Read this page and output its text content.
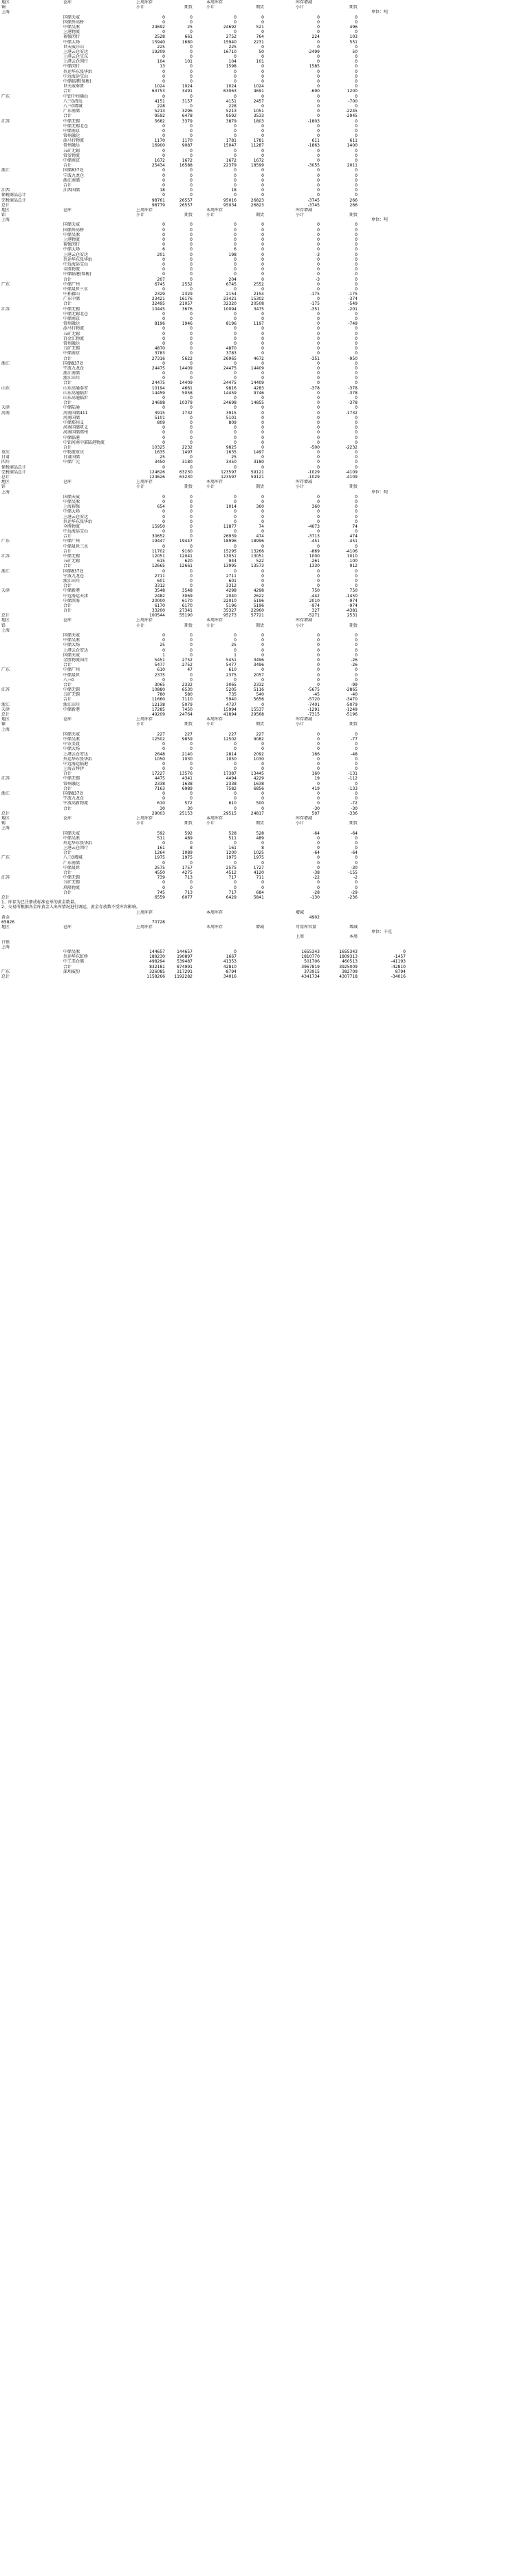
地区	仓库	上周库存	本周库存	库存增减
铜	小计	期货	小计	期货	小计	期货
上海	单位：吨
国储天威	0	0	0	0	0	0
国储外高桥	0	0	0	0	0	0
中储吴淞	24692	25	24692	521	0	496
上港物流	0	0	0	0	0	0
裕强闵行	2528	661	2752	764	224	103
中储大场	15940	1680	15940	2231	0	551
世天威洋山	225	0	225	0	0	0
上港云仓安达	19209	0	16710	50	-2499	50
上港云仓宝东	0	0	0	0	0	0
上港云仓闵行	104	101	104	101	0	0
中储闵行	13	0	1598	0	1585	0
外运华东张华浜	0	0	0	0	0	0
中远海运宝山	0	0	0	0	0	0
中储临港(保税)	0	0	0	0	0	0
世天威奉贤	1024	1024	1024	1024	0	0
合计	63753	3491	63063	4691	-690	1200
广东	中铝中州佛山	0	0	0	0	0	0
八三0清远	4151	3157	4151	2457	0	-700
八三0增城	228	0	228	0	0	0
广东南储	5213	3296	5213	1051	0	-2245
合计	9592	6478	9592	3533	0	-2945
江苏	中储无锡	5682	3379	3879	1803	-1803	0
中储无锡北仓	0	0	0	0	0	0
中储南京	0	0	0	0	0	0
常州融达	0	0	0	0	0	0
添马行物流	1170	1170	1781	1781	611	611
常州融达	16900	9087	15047	11287	-1863	1400
五矿无锡	0	0	0	0	0	0
常发物流	0	0	0	0	0	0
中储南京	1672	1672	1672	1672	0	0
合计	25434	16588	22379	18599	-3055	2011
浙江	国储837处	0	0	0	0	0	0
宁波九龙仓	0	0	0	0	0	0
浙江南储	0	0	0	0	0	0
合计	0	0	0	0	0	0
江西	江西国储	18	0	18	0	0	0
保税商品总计	0	0	0	0	0	0
完税商品总计	98761	26557	95016	26823	-3745	266
总计	98779	26557	95034	26823	-3745	266
地区	仓库	上周库存	本周库存	库存增减
铝	小计	期货	小计	期货	小计	期货
上海	单位：吨
国储天威	0	0	0	0	0	0
国储外高桥	0	0	0	0	0	0
中储吴淞	0	0	0	0	0	0
上港物流	0	0	0	0	0	0
裕强闵行	0	0	0	0	0	0
中储大场	6	0	6	0	0	0
上港云仓安达	201	0	198	0	-3	0
外运华东张华浜	0	0	0	0	0	0
中远海运宝山	0	0	0	0	0	0
全胜物流	0	0	0	0	0	0
中储临港(保税)	0	0	0	0	0	0
合计	207	0	204	0	-3	0
广东	中储广州	6745	2552	6745	2552	0	0
中储晟世三水	0	0	0	0	0	0
中拓佛山	2329	2329	2154	2154	-175	-175
广东中储	23421	16176	23421	15302	0	-374
合计	32495	21057	32320	20508	-175	-549
江苏	中储无锡	10445	3676	10094	3475	-351	-201
中储无锡北仓	0	0	0	0	0	0
中储南京	0	0	0	0	0	0
常州融达	8196	1946	8196	1197	0	-749
添马行物流	0	0	0	0	0	0
五矿无锡	0	0	0	0	0	0
百金汇物流	0	0	0	0	0	0
常州融达	0	0	0	0	0	0
五矿无锡	4870	0	4870	0	0	0
中储南京	3783	0	3783	0	0	0
合计	27316	5622	26965	4672	-351	-950
浙江	国储837处	0	0	0	0	0	0
宁波九龙仓	24475	14409	24475	14409	0	0
浙江南储	0	0	0	0	0	0
浙江田川	0	0	0	0	0	0
合计	24475	14409	24475	14409	0	0
山东	山东高通泰安	10194	4661	9816	4283	-378	-378
山东高通临沂	14459	5058	14459	9746	0	-378
山东高通临沂	0	0	0	0	0	0
合计	24698	10379	24698	14855	0	-378
天津	中储陆通	0	0	0	0	0	0
河南	河南国储411	3915	1732	3915	0	0	-1732
河南国储	5101	0	5101	0	0	0
中储郑州义	809	0	809	0	0	0
河南国储巩义	0	0	0	0	0	0
河南国储郑州	0	0	0	0	0	0
中储临港	0	0	0	0	0	0
中铝河南中部陆港物流	0	0	0	0	0	0
合计	10325	2232	9825	0	-500	-2232
重庆	中物流重庆	1635	1497	1635	1497	0	0
甘肃	甘肃国储	25	0	25	0	0	0
四川	中储广元	3450	3180	3450	3180	0	0
保税商品总计	0	0	0	0	0	0
完税商品总计	124626	63230	123597	59121	-1029	-4109
总计	124626	63230	123597	59121	-1029	-4109
地区	仓库	上周库存	本周库存	库存增减
锌	小计	期货	小计	期货	小计	期货
上海	单位：吨
国储天威	0	0	0	0	0	0
中储吴淞	0	0	0	0	0	0
上海裕强	654	0	1014	360	360	0
中储大场	0	0	0	0	0	0
上港云仓安达	0	0	0	0	0	0
外运华东张华浜	0	0	0	0	0	0
全胜物流	15950	0	11877	74	-4073	74
中远海运宝山	0	0	0	0	0	0
合计	30652	0	26939	474	-3713	474
广东	中储广州	19447	19447	18996	18996	-451	-451
中储晟世三水	0	0	0	0	0	0
合计	11702	9160	15295	13266	-869	-4106
江苏	中储无锡	12051	12041	13051	13051	1000	1010
五矿无锡	615	620	944	522	-261	-100
合计	12665	12661	13995	13573	1330	912
浙江	国储837处	0	0	0	0	0	0
宁波九龙仓	2711	0	2711	0	0	0
浙江田川	601	0	601	0	0	0
合计	3312	0	3312	0	0	0
天津	中储新港	3548	3548	4298	4298	750	750
中远海运天津	2482	3069	2040	2622	-442	-1450
中储滨海	20000	6170	22010	5196	2010	-974
合计	6170	6170	5196	5196	-974	-974
合计	33200	27341	35327	22960	327	-4381
总计	100544	55190	95273	57721	-5271	2531
地区	仓库	上周库存	本周库存	库存增减
铅	小计	期货	小计	期货	小计	期货
上海
国储天威	0	0	0	0	0	0
中储吴淞	0	0	0	0	0	0
中储大场	25	0	25	0	0	0
上港云仓安达	0	0	0	0	0	0
国储天威	1	0	1	0	0	0
全胜物流国青	5451	2752	5451	3496	0	-26
合计	5477	2752	5477	3496	0	-26
广东	中储广州	610	47	610	0	0	0
中储晟世	2375	0	2375	2057	0	0
八三0	0	0	0	0	0	0
合计	3065	2332	3065	2332	0	-99
江苏	中储无锡	10880	6530	5205	5116	-5675	-2865
五矿无锡	780	580	735	540	-45	-40
合计	11660	7110	5940	5656	-5720	-3470
浙江	浙江田川	12138	5079	4737	0	-7401	-5079
天津	中储新港	17285	7450	15994	15537	-1291	-1249
总计	49209	24764	41894	29568	-7315	-5196
地区	仓库	上周库存	本周库存	库存增减
镍	小计	期货	小计	期货	小计	期货
上海
国储天威	227	227	227	227	0	0
中储吴淞	12502	9859	12502	9082	0	-77
中农美设	0	0	0	0	0	0
中储大场	0	0	0	0	0	0
上港云仓安达	2648	2140	2814	2092	166	-48
外运华东张华浜	1050	1030	1050	1030	0	0
中远海运临港	0	0	0	0	0	0
上海吉拜伊	0	0	0	0	0	0
合计	17227	13576	17387	13445	160	-131
江苏	中储无锡	4475	4341	4494	4229	19	-112
常州融达	2338	1638	2338	1638	0	0
合计	7163	6989	7582	6856	419	-133
浙江	国储837处	0	0	0	0	0	0
宁波九龙仓	0	0	0	0	0	0
宁波高新物流	610	572	610	500	0	-72
合计	30	30	0	0	-30	-30
总计	29003	25153	29515	24817	507	-336
地区	仓库	上周库存	本周库存	库存增减
锡	小计	期货	小计	期货	小计	期货
上海
国储天威	592	592	528	528	-64	-64
中储吴淞	511	489	511	489	0	0
外运华东张华浜	0	0	0	0	0	0
上港云仓闵行	161	8	161	8	0	0
合计	1264	1089	1200	1025	-64	-64
广东	八三0增城	1975	1975	1975	1975	0	0
广东南储	0	0	0	0	0	0
中储晟世	2575	1757	2575	1727	0	-30
合计	4550	4275	4512	4120	-38	-155
江苏	中储无锡	739	713	717	711	-22	-2
五矿无锡	0	0	0	0	0	0
玖隆物流	0	0	0	0	0	0
合计	745	713	717	684	-28	-29
总计	6559	6077	6429	5841	-130	-236
1、库存为已注册成标准仓单的黄金数量。
2、交易所根据各金库黄金入出库情况进行调运，黄金存放数不受库容影响。
上周库存	本周库存	增减
黄金	4902
65826	70728
地区	仓库	上周库存	本周库存	增减	可用库容量	增减
单位：千克
上周	本周
白银
上海
中储吴淞	144657	144657	0	1655343	1655343	0
外运华东虹桥	189230	190897	1667	1810770	1809313	-1457
中工美仓储	498294	539487	41353	501706	460513	-41193
合计	832181	874991	42810	3967819	3925009	-42810
广东	深圳威豹	326085	317291	-8794	373915	382709	8794
总计	1158266	1192282	34016	4341734	4307718	-34016
